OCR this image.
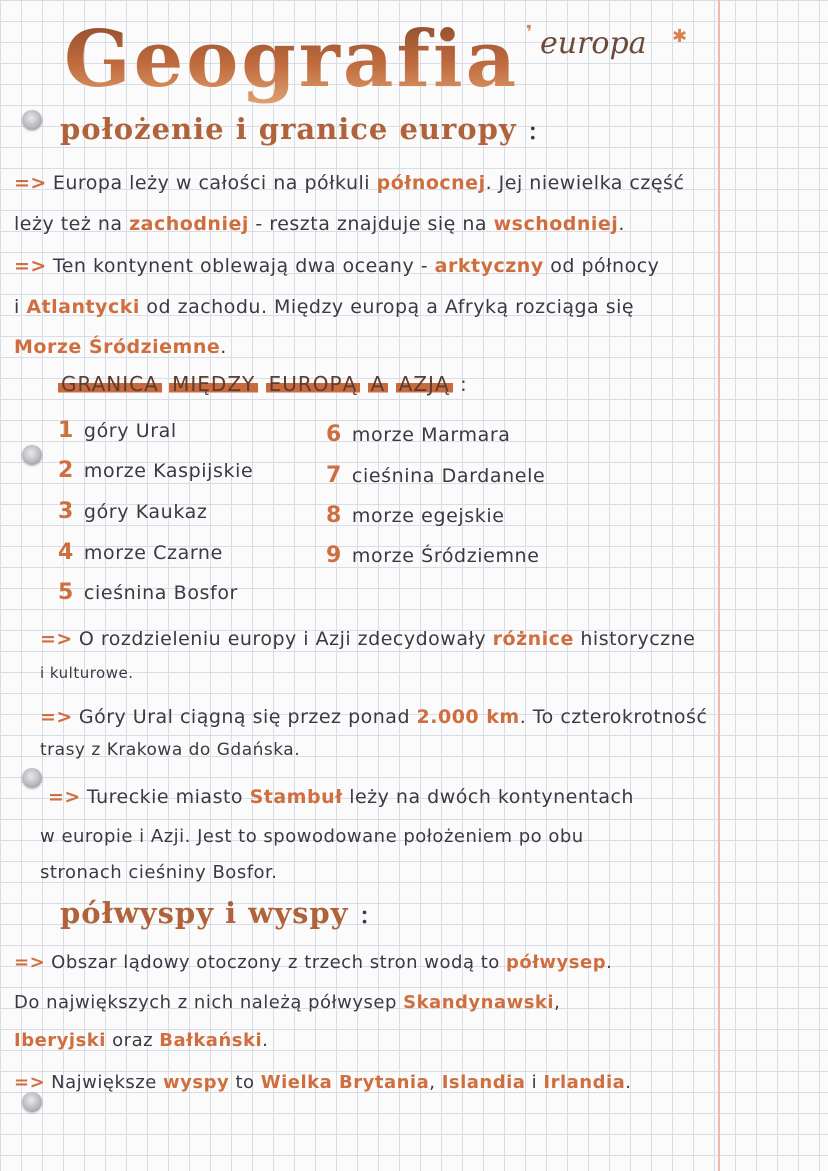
Geografia ❜ europa ✱
położenie i granice europy :
=> Europa leży w całości na półkuli północnej. Jej niewielka część
leży też na zachodniej - reszta znajduje się na wschodniej.
=> Ten kontynent oblewają dwa oceany - arktyczny od północy
i Atlantycki od zachodu. Między europą a Afryką rozciąga się
Morze Śródziemne.
GRANICA MIĘDZY EUROPĄ A AZJĄ :
1 góry Ural
2 morze Kaspijskie
3 góry Kaukaz
4 morze Czarne
5 cieśnina Bosfor
6 morze Marmara
7 cieśnina Dardanele
8 morze egejskie
9 morze Śródziemne
=> O rozdzieleniu europy i Azji zdecydowały różnice historyczne
i kulturowe.
=> Góry Ural ciągną się przez ponad 2.000 km. To czterokrotność
trasy z Krakowa do Gdańska.
=> Tureckie miasto Stambuł leży na dwóch kontynentach
w europie i Azji. Jest to spowodowane położeniem po obu
stronach cieśniny Bosfor.
półwyspy i wyspy :
=> Obszar lądowy otoczony z trzech stron wodą to półwysep.
Do największych z nich należą półwysep Skandynawski,
Iberyjski oraz Bałkański.
=> Największe wyspy to Wielka Brytania, Islandia i Irlandia.
